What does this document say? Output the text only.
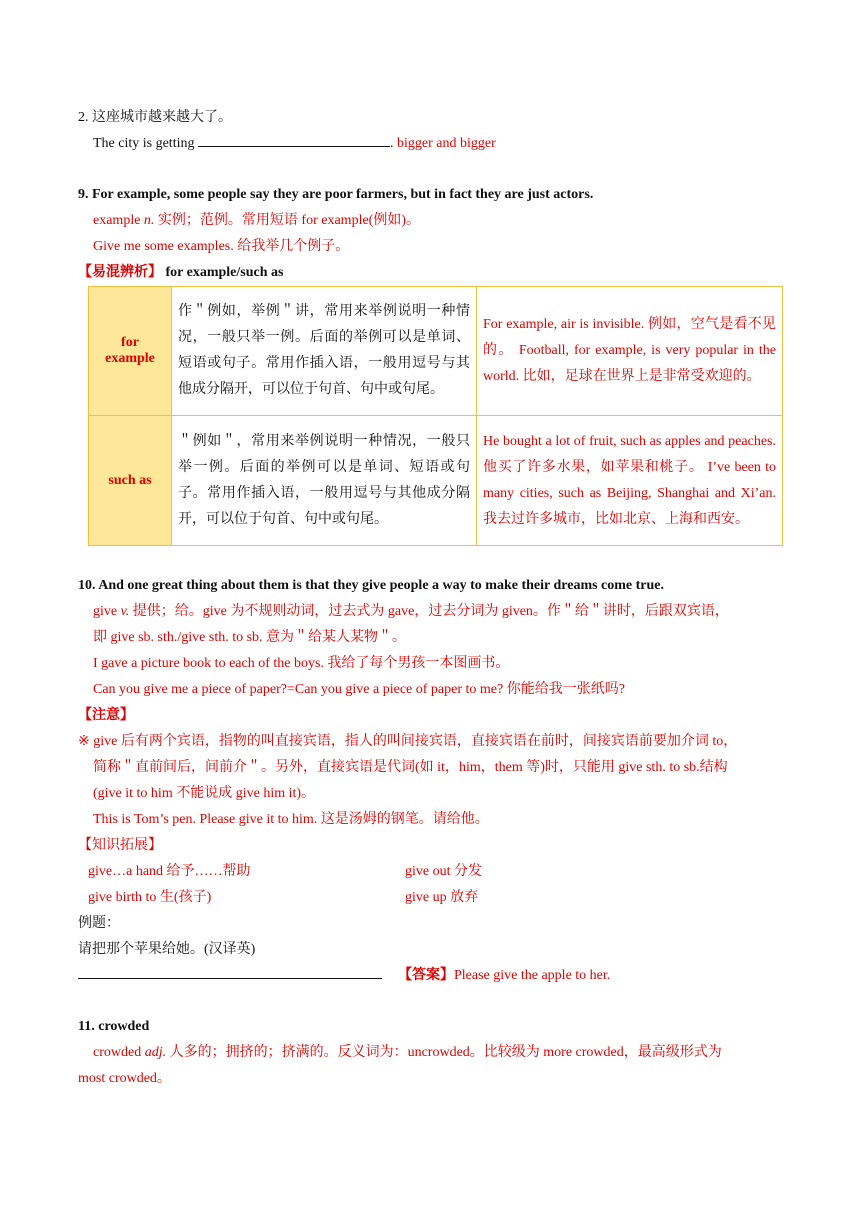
2. 这座城市越来越大了。
The city is getting	. bigger and bigger
9. For example, some people say they are poor farmers, but in fact they are just actors.
example n. 实例；范例。常用短语 for example(例如)。
Give me some examples. 给我举几个例子。
【易混辨析】 for example/such as
for
example	作＂例如，举例＂讲，常用来举例说明一种情况，一般只举一例。后面的举例可以是单词、短语或句子。常用作插入语，一般用逗号与其他成分隔开，可以位于句首、句中或句尾。	For example, air is invisible. 例如，空气是看不见的。 Football, for example, is very popular in the world. 比如，足球在世界上是非常受欢迎的。

such as	＂例如＂，常用来举例说明一种情况，一般只举一例。后面的举例可以是单词、短语或句子。常用作插入语，一般用逗号与其他成分隔开，可以位于句首、句中或句尾。	He bought a lot of fruit, such as apples and peaches. 他买了许多水果，如苹果和桃子。 I’ve been to many cities, such as Beijing, Shanghai and Xi’an. 我去过许多城市，比如北京、上海和西安。
10. And one great thing about them is that they give people a way to make their dreams come true.
give v. 提供；给。give 为不规则动词，过去式为 gave，过去分词为 given。作＂给＂讲时，后跟双宾语，
即 give sb. sth./give sth. to sb. 意为＂给某人某物＂。
I gave a picture book to each of the boys. 我给了每个男孩一本图画书。
Can you give me a piece of paper?=Can you give a piece of paper to me? 你能给我一张纸吗?
【注意】
※ give 后有两个宾语，指物的叫直接宾语，指人的叫间接宾语，直接宾语在前时，间接宾语前要加介词 to，
简称＂直前间后，间前介＂。另外，直接宾语是代词(如 it，him，them 等)时，只能用 give sth. to sb.结构
(give it to him 不能说成 give him it)。
This is Tom’s pen. Please give it to him. 这是汤姆的钢笔。请给他。
【知识拓展】
give…a hand 给予……帮助	give out 分发
give birth to 生(孩子)	give up 放弃
例题：
请把那个苹果给她。(汉译英)
【答案】Please give the apple to her.
11. crowded
crowded adj. 人多的；拥挤的；挤满的。反义词为：uncrowded。比较级为 more crowded，最高级形式为
most crowded。
